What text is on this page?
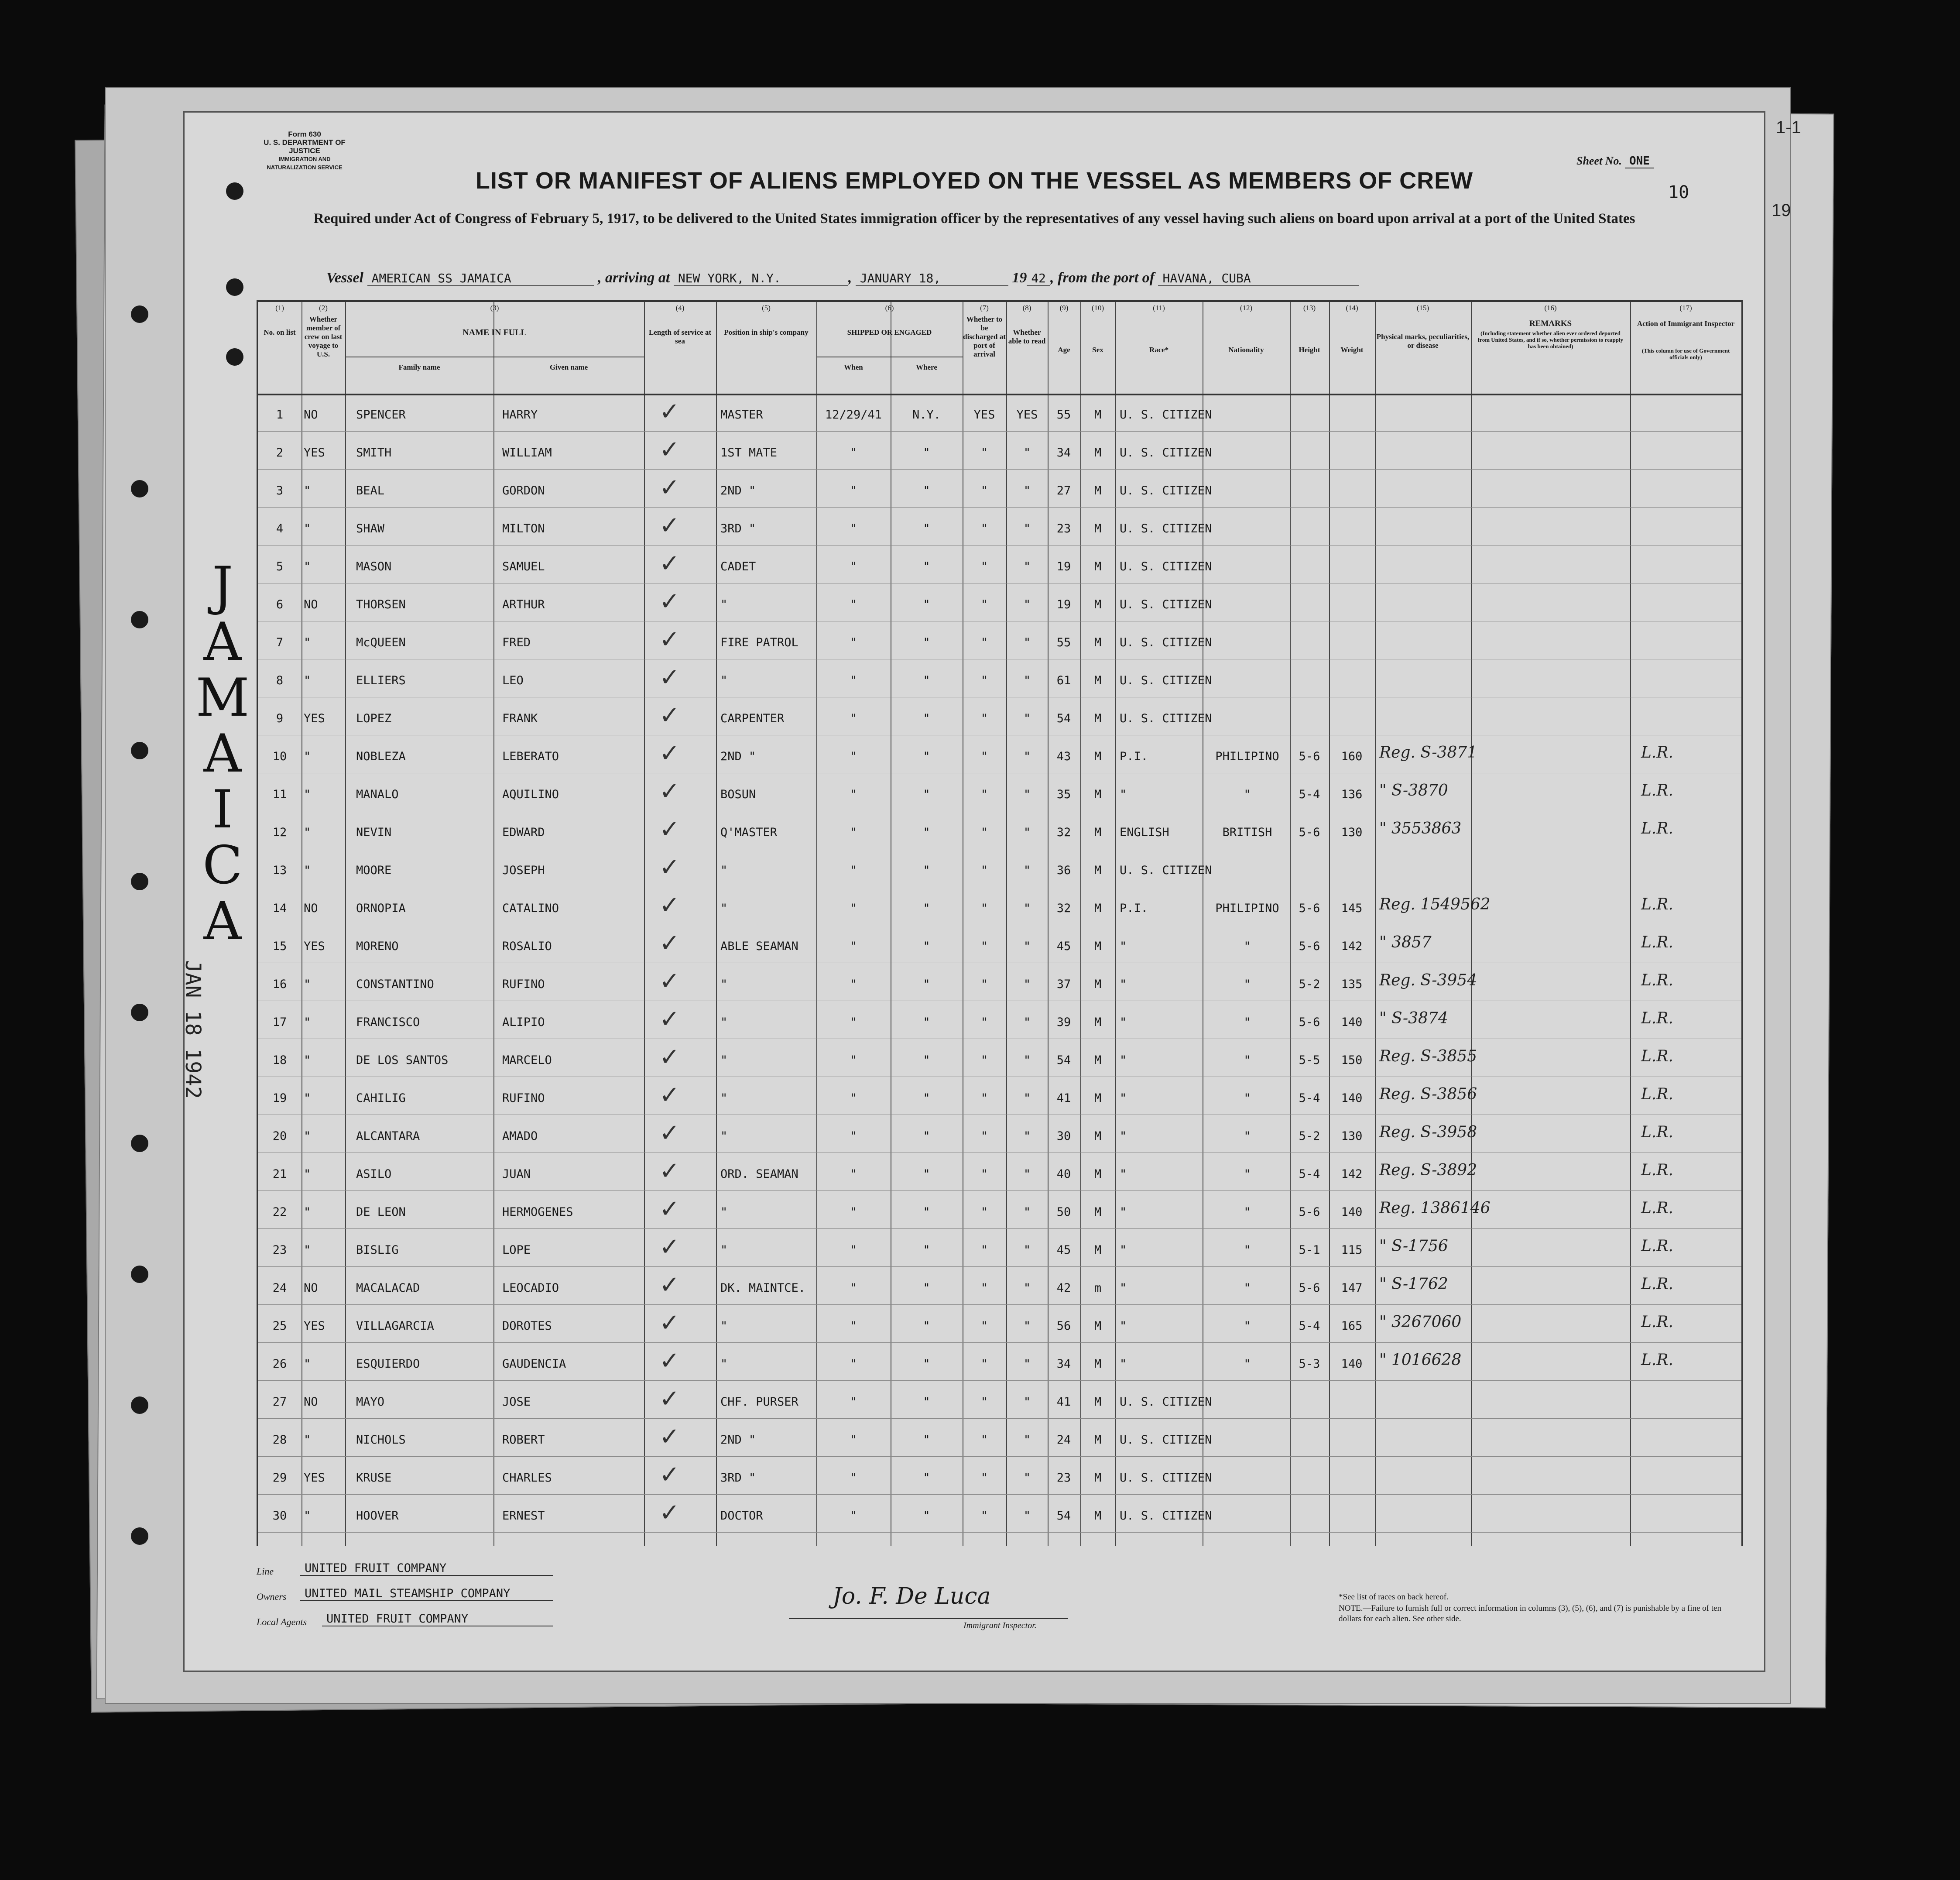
1-1
19
Form 630
U. S. DEPARTMENT OF JUSTICE
IMMIGRATION AND NATURALIZATION SERVICE
Sheet No. ONE
10
LIST OR MANIFEST OF ALIENS EMPLOYED ON THE VESSEL AS MEMBERS OF CREW
Required under Act of Congress of February 5, 1917, to be delivered to the United States immigration officer by the representatives of any vessel having such aliens on board upon arrival at a port of the United States
Vessel AMERICAN SS JAMAICA	, arriving at NEW YORK, N.Y.	, JANUARY 18,	19 42 , from the port of HAVANA, CUBA
(1)	(2)	(3)	(4)	(5)	(6)	(7)	(8)	(9)	(10)	(11)	(12)	(13)	(14)	(15)	(16)	(17)
No. on list
Whether member of crew on last voyage to U.S.
NAME IN FULL
Family name	Given name
Length of service at sea
Position in ship's company	SHIPPED OR ENGAGED
When	Where
Whether to be discharged at port of arrival
Whether able to read
Age	Sex	Race*	Nationality	Height	Weight
Physical marks, peculiarities, or disease
REMARKS
(Including statement whether alien ever ordered deported from United States, and if so, whether permission to reapply has been obtained)
Action of Immigrant Inspector
(This column for use of Government officials only)
1	NO	SPENCER	HARRY	MASTER	12/29/41	N.Y.	YES	YES	55	M	U. S. CITIZEN
✓
2	YES	SMITH	WILLIAM	1ST MATE	"	"	"	"	34	M	U. S. CITIZEN
✓
3	"	BEAL	GORDON	2ND "	"	"	"	"	27	M	U. S. CITIZEN
✓
4	"	SHAW	MILTON	3RD "	"	"	"	"	23	M	U. S. CITIZEN
✓
5	"	MASON	SAMUEL	CADET	"	"	"	"	19	M	U. S. CITIZEN
✓
6	NO	THORSEN	ARTHUR	"	"	"	"	"	19	M	U. S. CITIZEN
✓
7	"	McQUEEN	FRED	FIRE PATROL	"	"	"	"	55	M	U. S. CITIZEN
✓
8	"	ELLIERS	LEO	"	"	"	"	"	61	M	U. S. CITIZEN
✓
9	YES	LOPEZ	FRANK	CARPENTER	"	"	"	"	54	M	U. S. CITIZEN
✓
10	"	NOBLEZA	LEBERATO	2ND "	"	"	"	"	43	M	P.I.	PHILIPINO	5-6	160	Reg. S-3871	L.R.
✓
11	"	MANALO	AQUILINO	BOSUN	"	"	"	"	35	M	"	"	5-4	136	" S-3870	L.R.
✓
12	"	NEVIN	EDWARD	Q'MASTER	"	"	"	"	32	M	ENGLISH	BRITISH	5-6	130	" 3553863	L.R.
✓
13	"	MOORE	JOSEPH	"	"	"	"	"	36	M	U. S. CITIZEN
✓
14	NO	ORNOPIA	CATALINO	"	"	"	"	"	32	M	P.I.	PHILIPINO	5-6	145	Reg. 1549562	L.R.
✓
15	YES	MORENO	ROSALIO	ABLE SEAMAN	"	"	"	"	45	M	"	"	5-6	142	" 3857	L.R.
✓
16	"	CONSTANTINO	RUFINO	"	"	"	"	"	37	M	"	"	5-2	135	Reg. S-3954	L.R.
✓
17	"	FRANCISCO	ALIPIO	"	"	"	"	"	39	M	"	"	5-6	140	" S-3874	L.R.
✓
18	"	DE LOS SANTOS	MARCELO	"	"	"	"	"	54	M	"	"	5-5	150	Reg. S-3855	L.R.
✓
19	"	CAHILIG	RUFINO	"	"	"	"	"	41	M	"	"	5-4	140	Reg. S-3856	L.R.
✓
20	"	ALCANTARA	AMADO	"	"	"	"	"	30	M	"	"	5-2	130	Reg. S-3958	L.R.
✓
21	"	ASILO	JUAN	ORD. SEAMAN	"	"	"	"	40	M	"	"	5-4	142	Reg. S-3892	L.R.
✓
22	"	DE LEON	HERMOGENES	"	"	"	"	"	50	M	"	"	5-6	140	Reg. 1386146	L.R.
✓
23	"	BISLIG	LOPE	"	"	"	"	"	45	M	"	"	5-1	115	" S-1756	L.R.
✓
24	NO	MACALACAD	LEOCADIO	DK. MAINTCE.	"	"	"	"	42	m	"	"	5-6	147	" S-1762	L.R.
✓
25	YES	VILLAGARCIA	DOROTES	"	"	"	"	"	56	M	"	"	5-4	165	" 3267060	L.R.
✓
26	"	ESQUIERDO	GAUDENCIA	"	"	"	"	"	34	M	"	"	5-3	140	" 1016628	L.R.
✓
27	NO	MAYO	JOSE	CHF. PURSER	"	"	"	"	41	M	U. S. CITIZEN
✓
28	"	NICHOLS	ROBERT	2ND "	"	"	"	"	24	M	U. S. CITIZEN
✓
29	YES	KRUSE	CHARLES	3RD "	"	"	"	"	23	M	U. S. CITIZEN
✓
30	"	HOOVER	ERNEST	DOCTOR	"	"	"	"	54	M	U. S. CITIZEN
✓
Line	UNITED FRUIT COMPANY
Owners	UNITED MAIL STEAMSHIP COMPANY
Local Agents	UNITED FRUIT COMPANY
Jo. F. De Luca
Immigrant Inspector.
*See list of races on back hereof.
NOTE.—Failure to furnish full or correct information in columns (3), (5), (6), and (7) is punishable by a fine of ten dollars for each alien. See other side.
J
A
M
A
I
C
A
JAN 18 1942
